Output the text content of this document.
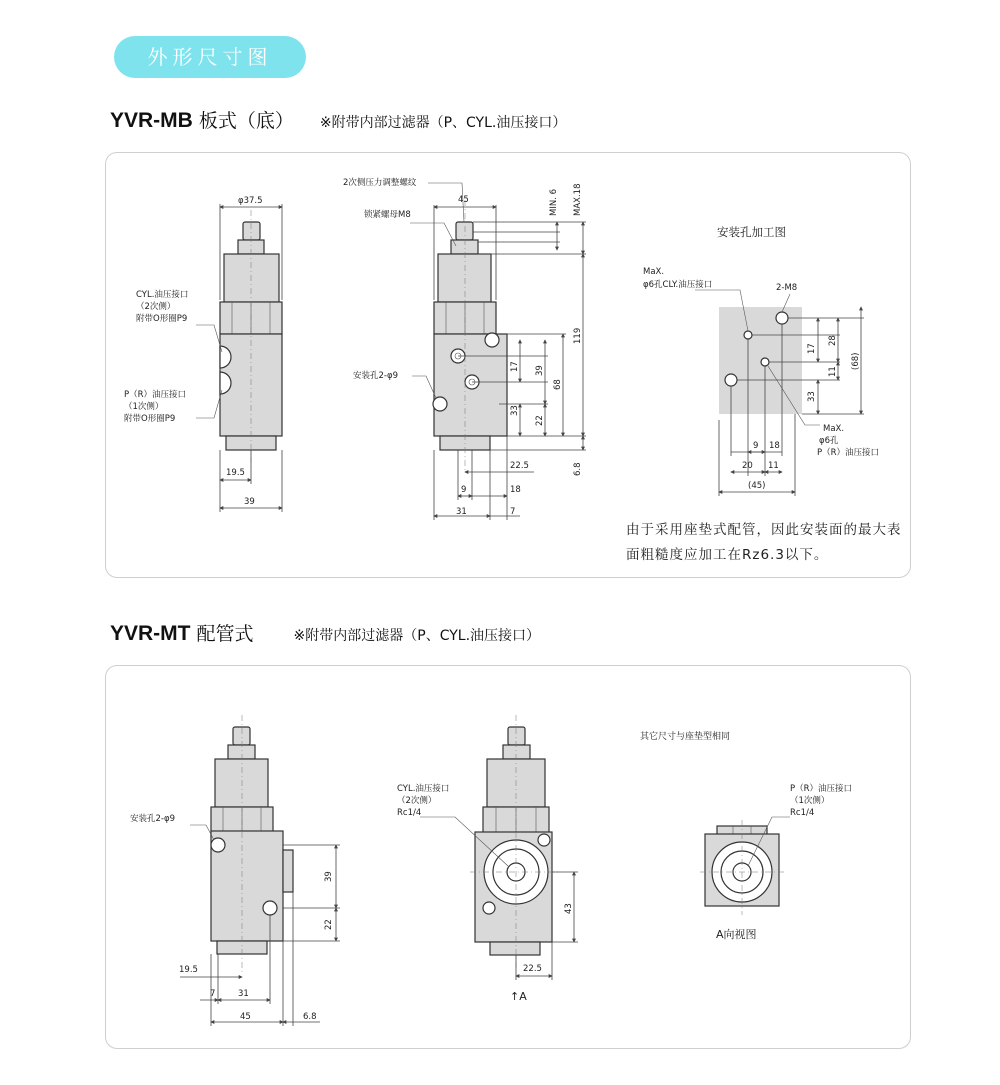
外形尺寸图
YVR-MB 板式（底） ※附带内部过滤器（P、CYL.油压接口）
YVR-MT 配管式	※附带内部过滤器（P、CYL.油压接口）
φ37.5
CYL.油压接口
（2次侧）
附带O形圈P9
P（R）油压接口
（1次侧）
附带O形圈P9
19.5
39
2次侧压力调整螺纹
锁紧螺母M8
安装孔2-φ9
45	MIN. 6 MAX.18
119
68
39
17
33
22
6.8
22.5
9	18
31	7
安装孔加工图
MaX.
φ6孔CLY.油压接口	2-M8
MaX.
φ6孔
P（R）油压接口
17
28
11
33
(68)
9 18
20 11
(45)
安装孔2-φ9
39
22
19.5
7	31
45	6.8
CYL.油压接口
（2次侧）
Rc1/4
43
22.5
↑A
其它尺寸与座垫型相同
P（R）油压接口
（1次侧）
Rc1/4
A向视图
由于采用座垫式配管，因此安装面的最大表
面粗糙度应加工在Rz6.3以下。
